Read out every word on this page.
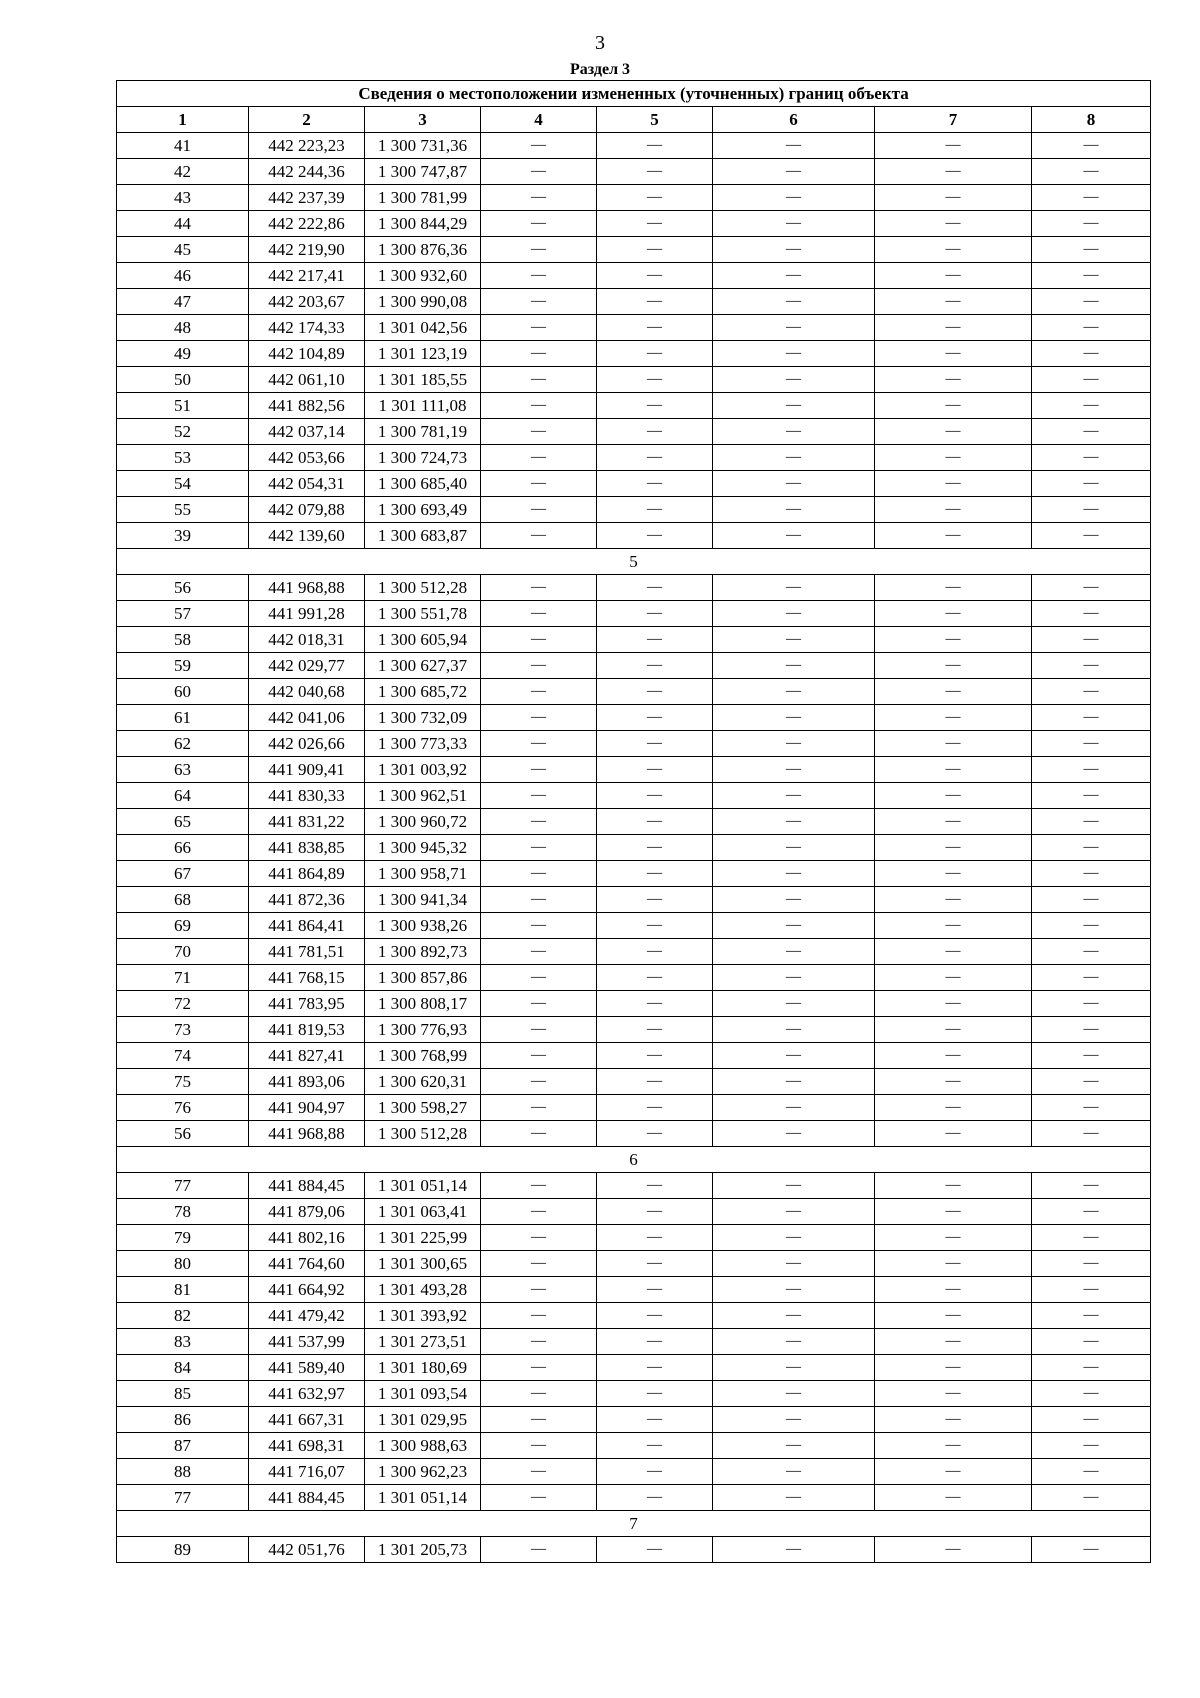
3
Раздел 3
Сведения о местоположении измененных (уточненных) границ объекта							
1	2	3	4	5	6	7	8
41	442 223,23	1 300 731,36	—	—	—	—	—
42	442 244,36	1 300 747,87	—	—	—	—	—
43	442 237,39	1 300 781,99	—	—	—	—	—
44	442 222,86	1 300 844,29	—	—	—	—	—
45	442 219,90	1 300 876,36	—	—	—	—	—
46	442 217,41	1 300 932,60	—	—	—	—	—
47	442 203,67	1 300 990,08	—	—	—	—	—
48	442 174,33	1 301 042,56	—	—	—	—	—
49	442 104,89	1 301 123,19	—	—	—	—	—
50	442 061,10	1 301 185,55	—	—	—	—	—
51	441 882,56	1 301 111,08	—	—	—	—	—
52	442 037,14	1 300 781,19	—	—	—	—	—
53	442 053,66	1 300 724,73	—	—	—	—	—
54	442 054,31	1 300 685,40	—	—	—	—	—
55	442 079,88	1 300 693,49	—	—	—	—	—
39	442 139,60	1 300 683,87	—	—	—	—	—
5							
56	441 968,88	1 300 512,28	—	—	—	—	—
57	441 991,28	1 300 551,78	—	—	—	—	—
58	442 018,31	1 300 605,94	—	—	—	—	—
59	442 029,77	1 300 627,37	—	—	—	—	—
60	442 040,68	1 300 685,72	—	—	—	—	—
61	442 041,06	1 300 732,09	—	—	—	—	—
62	442 026,66	1 300 773,33	—	—	—	—	—
63	441 909,41	1 301 003,92	—	—	—	—	—
64	441 830,33	1 300 962,51	—	—	—	—	—
65	441 831,22	1 300 960,72	—	—	—	—	—
66	441 838,85	1 300 945,32	—	—	—	—	—
67	441 864,89	1 300 958,71	—	—	—	—	—
68	441 872,36	1 300 941,34	—	—	—	—	—
69	441 864,41	1 300 938,26	—	—	—	—	—
70	441 781,51	1 300 892,73	—	—	—	—	—
71	441 768,15	1 300 857,86	—	—	—	—	—
72	441 783,95	1 300 808,17	—	—	—	—	—
73	441 819,53	1 300 776,93	—	—	—	—	—
74	441 827,41	1 300 768,99	—	—	—	—	—
75	441 893,06	1 300 620,31	—	—	—	—	—
76	441 904,97	1 300 598,27	—	—	—	—	—
56	441 968,88	1 300 512,28	—	—	—	—	—
6							
77	441 884,45	1 301 051,14	—	—	—	—	—
78	441 879,06	1 301 063,41	—	—	—	—	—
79	441 802,16	1 301 225,99	—	—	—	—	—
80	441 764,60	1 301 300,65	—	—	—	—	—
81	441 664,92	1 301 493,28	—	—	—	—	—
82	441 479,42	1 301 393,92	—	—	—	—	—
83	441 537,99	1 301 273,51	—	—	—	—	—
84	441 589,40	1 301 180,69	—	—	—	—	—
85	441 632,97	1 301 093,54	—	—	—	—	—
86	441 667,31	1 301 029,95	—	—	—	—	—
87	441 698,31	1 300 988,63	—	—	—	—	—
88	441 716,07	1 300 962,23	—	—	—	—	—
77	441 884,45	1 301 051,14	—	—	—	—	—
7							
89	442 051,76	1 301 205,73	—	—	—	—	—
